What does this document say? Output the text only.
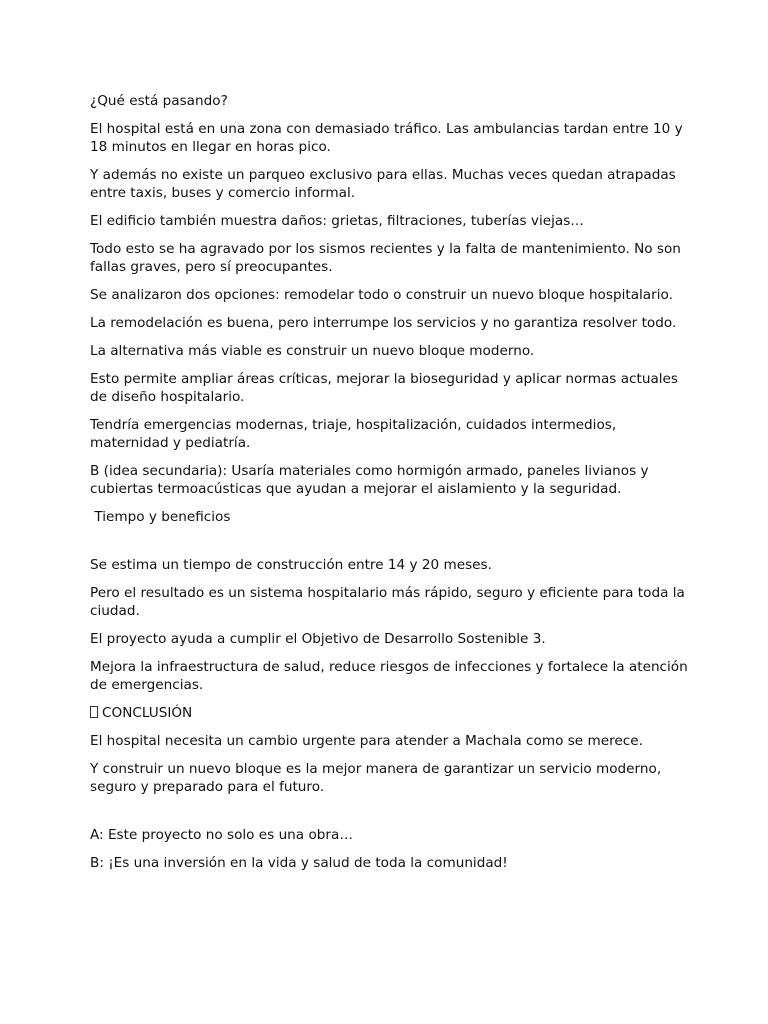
¿Qué está pasando?

El hospital está en una zona con demasiado tráfico. Las ambulancias tardan entre 10 y 18 minutos en llegar en horas pico.

Y además no existe un parqueo exclusivo para ellas. Muchas veces quedan atrapadas entre taxis, buses y comercio informal.

El edificio también muestra daños: grietas, filtraciones, tuberías viejas…

Todo esto se ha agravado por los sismos recientes y la falta de mantenimiento. No son fallas graves, pero sí preocupantes.

Se analizaron dos opciones: remodelar todo o construir un nuevo bloque hospitalario.

La remodelación es buena, pero interrumpe los servicios y no garantiza resolver todo.

La alternativa más viable es construir un nuevo bloque moderno.

Esto permite ampliar áreas críticas, mejorar la bioseguridad y aplicar normas actuales de diseño hospitalario.

Tendría emergencias modernas, triaje, hospitalización, cuidados intermedios, maternidad y pediatría.

B (idea secundaria): Usaría materiales como hormigón armado, paneles livianos y cubiertas termoacústicas que ayudan a mejorar el aislamiento y la seguridad.

Tiempo y beneficios

Se estima un tiempo de construcción entre 14 y 20 meses.

Pero el resultado es un sistema hospitalario más rápido, seguro y eficiente para toda la ciudad.

El proyecto ayuda a cumplir el Objetivo de Desarrollo Sostenible 3.

Mejora la infraestructura de salud, reduce riesgos de infecciones y fortalece la atención de emergencias.

CONCLUSIÓN

El hospital necesita un cambio urgente para atender a Machala como se merece.

Y construir un nuevo bloque es la mejor manera de garantizar un servicio moderno, seguro y preparado para el futuro.

A: Este proyecto no solo es una obra…

B: ¡Es una inversión en la vida y salud de toda la comunidad!
